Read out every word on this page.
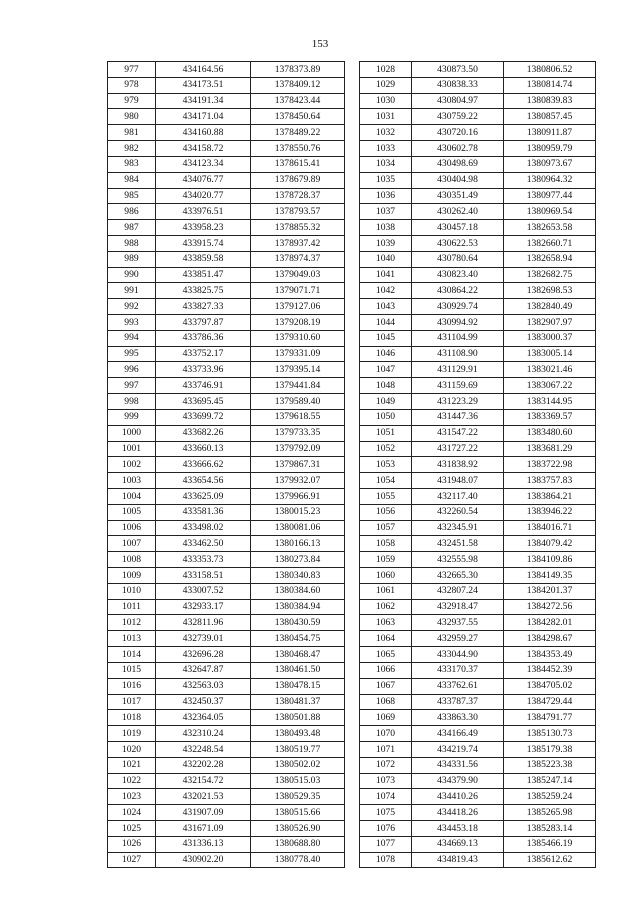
153
977	434164.56	1378373.89
978	434173.51	1378409.12
979	434191.34	1378423.44
980	434171.04	1378450.64
981	434160.88	1378489.22
982	434158.72	1378550.76
983	434123.34	1378615.41
984	434076.77	1378679.89
985	434020.77	1378728.37
986	433976.51	1378793.57
987	433958.23	1378855.32
988	433915.74	1378937.42
989	433859.58	1378974.37
990	433851.47	1379049.03
991	433825.75	1379071.71
992	433827.33	1379127.06
993	433797.87	1379208.19
994	433786.36	1379310.60
995	433752.17	1379331.09
996	433733.96	1379395.14
997	433746.91	1379441.84
998	433695.45	1379589.40
999	433699.72	1379618.55
1000	433682.26	1379733.35
1001	433660.13	1379792.09
1002	433666.62	1379867.31
1003	433654.56	1379932.07
1004	433625.09	1379966.91
1005	433581.36	1380015.23
1006	433498.02	1380081.06
1007	433462.50	1380166.13
1008	433353.73	1380273.84
1009	433158.51	1380340.83
1010	433007.52	1380384.60
1011	432933.17	1380384.94
1012	432811.96	1380430.59
1013	432739.01	1380454.75
1014	432696.28	1380468.47
1015	432647.87	1380461.50
1016	432563.03	1380478.15
1017	432450.37	1380481.37
1018	432364.05	1380501.88
1019	432310.24	1380493.48
1020	432248.54	1380519.77
1021	432202.28	1380502.02
1022	432154.72	1380515.03
1023	432021.53	1380529.35
1024	431907.09	1380515.66
1025	431671.09	1380526.90
1026	431336.13	1380688.80
1027	430902.20	1380778.40
1028	430873.50	1380806.52
1029	430838.33	1380814.74
1030	430804.97	1380839.83
1031	430759.22	1380857.45
1032	430720.16	1380911.87
1033	430602.78	1380959.79
1034	430498.69	1380973.67
1035	430404.98	1380964.32
1036	430351.49	1380977.44
1037	430262.40	1380969.54
1038	430457.18	1382653.58
1039	430622.53	1382660.71
1040	430780.64	1382658.94
1041	430823.40	1382682.75
1042	430864.22	1382698.53
1043	430929.74	1382840.49
1044	430994.92	1382907.97
1045	431104.99	1383000.37
1046	431108.90	1383005.14
1047	431129.91	1383021.46
1048	431159.69	1383067.22
1049	431223.29	1383144.95
1050	431447.36	1383369.57
1051	431547.22	1383480.60
1052	431727.22	1383681.29
1053	431838.92	1383722.98
1054	431948.07	1383757.83
1055	432117.40	1383864.21
1056	432260.54	1383946.22
1057	432345.91	1384016.71
1058	432451.58	1384079.42
1059	432555.98	1384109.86
1060	432665.30	1384149.35
1061	432807.24	1384201.37
1062	432918.47	1384272.56
1063	432937.55	1384282.01
1064	432959.27	1384298.67
1065	433044.90	1384353.49
1066	433170.37	1384452.39
1067	433762.61	1384705.02
1068	433787.37	1384729.44
1069	433863.30	1384791.77
1070	434166.49	1385130.73
1071	434219.74	1385179.38
1072	434331.56	1385223.38
1073	434379.90	1385247.14
1074	434410.26	1385259.24
1075	434418.26	1385265.98
1076	434453.18	1385283.14
1077	434669.13	1385466.19
1078	434819.43	1385612.62
